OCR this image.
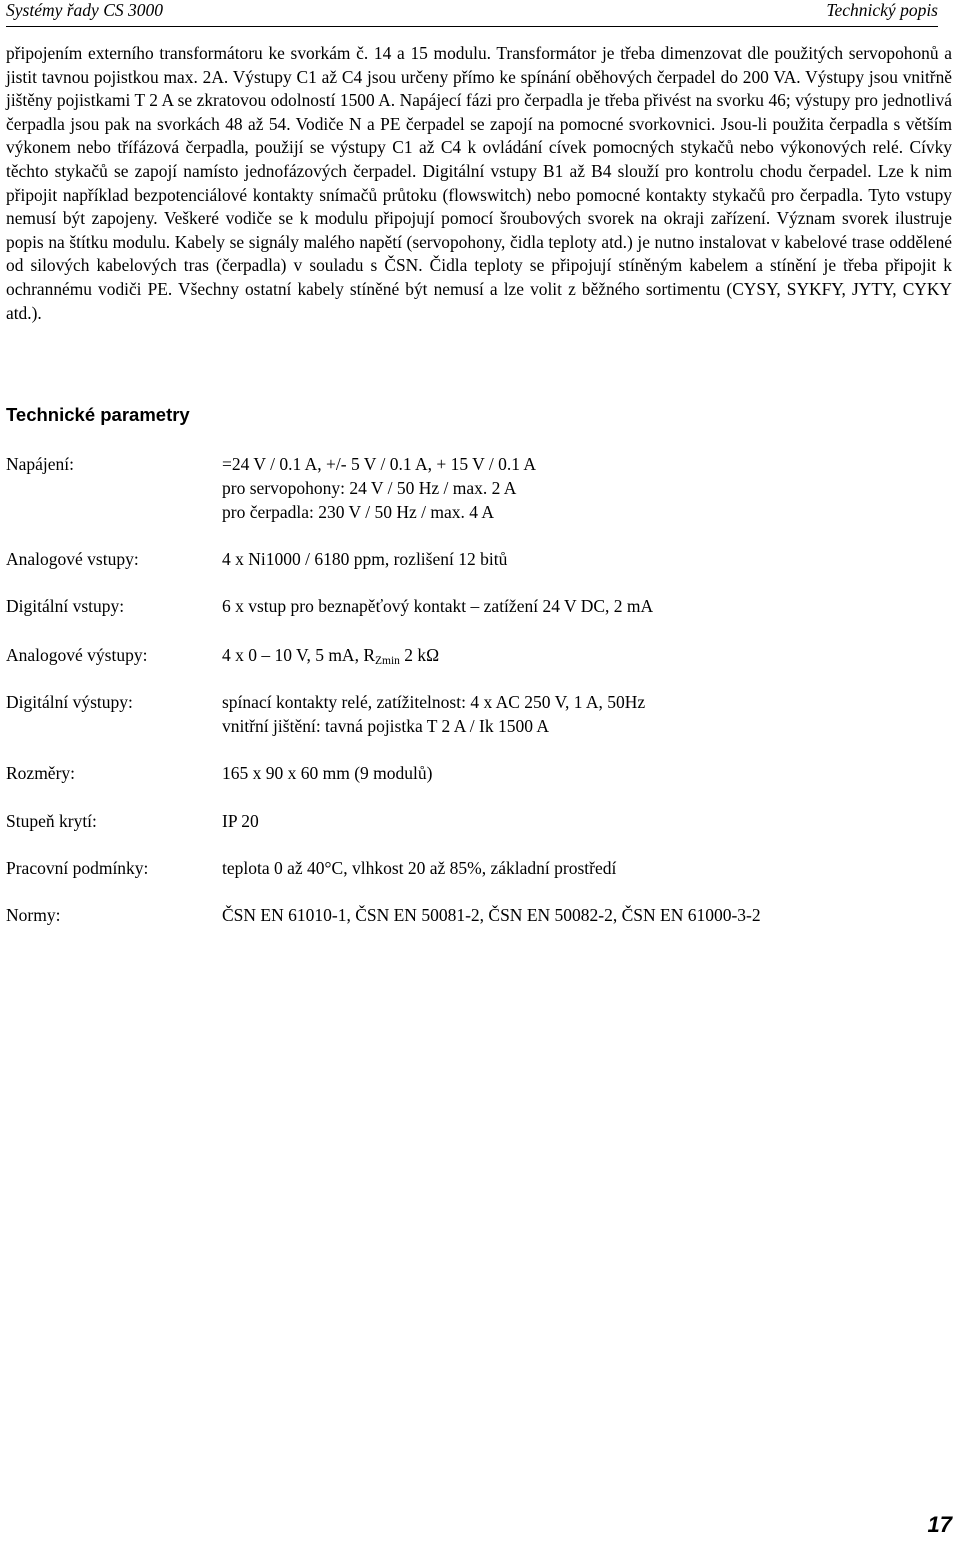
Systémy řady CS 3000	Technický popis

připojením externího transformátoru ke svorkám č. 14 a 15 modulu. Transformátor je třeba dimenzovat dle použitých servopohonů a jistit tavnou pojistkou max. 2A. Výstupy C1 až C4 jsou určeny přímo ke spínání oběhových čerpadel do 200 VA. Výstupy jsou vnitřně jištěny pojistkami T 2 A se zkratovou odolností 1500 A. Napájecí fázi pro čerpadla je třeba přivést na svorku 46; výstupy pro jednotlivá čerpadla jsou pak na svorkách 48 až 54. Vodiče N a PE čerpadel se zapojí na pomocné svorkovnici. Jsou-li použita čerpadla s větším výkonem nebo třífázová čerpadla, použijí se výstupy C1 až C4 k ovládání cívek pomocných stykačů nebo výkonových relé. Cívky těchto stykačů se zapojí namísto jednofázových čerpadel. Digitální vstupy B1 až B4 slouží pro kontrolu chodu čerpadel. Lze k nim připojit například bezpotenciálové kontakty snímačů průtoku (flowswitch) nebo pomocné kontakty stykačů pro čerpadla. Tyto vstupy nemusí být zapojeny. Veškeré vodiče se k modulu připojují pomocí šroubových svorek na okraji zařízení. Význam svorek ilustruje popis na štítku modulu. Kabely se signály malého napětí (servopohony, čidla teploty atd.) je nutno instalovat v kabelové trase oddělené od silových kabelových tras (čerpadla) v souladu s ČSN. Čidla teploty se připojují stíněným kabelem a stínění je třeba připojit k ochrannému vodiči PE. Všechny ostatní kabely stíněné být nemusí a lze volit z běžného sortimentu (CYSY, SYKFY, JYTY, CYKY atd.).

Technické parametry
Napájení:	=24 V / 0.1 A, +/- 5 V / 0.1 A, + 15 V / 0.1 A
pro servopohony: 24 V / 50 Hz / max. 2 A
pro čerpadla: 230 V / 50 Hz / max. 4 A
Analogové vstupy:	4 x Ni1000 / 6180 ppm, rozlišení 12 bitů
Digitální vstupy:	6 x vstup pro beznapěťový kontakt – zatížení 24 V DC, 2 mA
Analogové výstupy:	4 x 0 – 10 V, 5 mA, $R_{Zmin}$ 2 kΩ
Digitální výstupy:	spínací kontakty relé, zatížitelnost: 4 x AC 250 V, 1 A, 50Hz
vnitřní jištění: tavná pojistka T 2 A / Ik 1500 A
Rozměry:	165 x 90 x 60 mm (9 modulů)
Stupeň krytí:	IP 20
Pracovní podmínky:	teplota 0 až 40°C, vlhkost 20 až 85%, základní prostředí
Normy:	ČSN EN 61010-1, ČSN EN 50081-2, ČSN EN 50082-2, ČSN EN 61000-3-2
17
